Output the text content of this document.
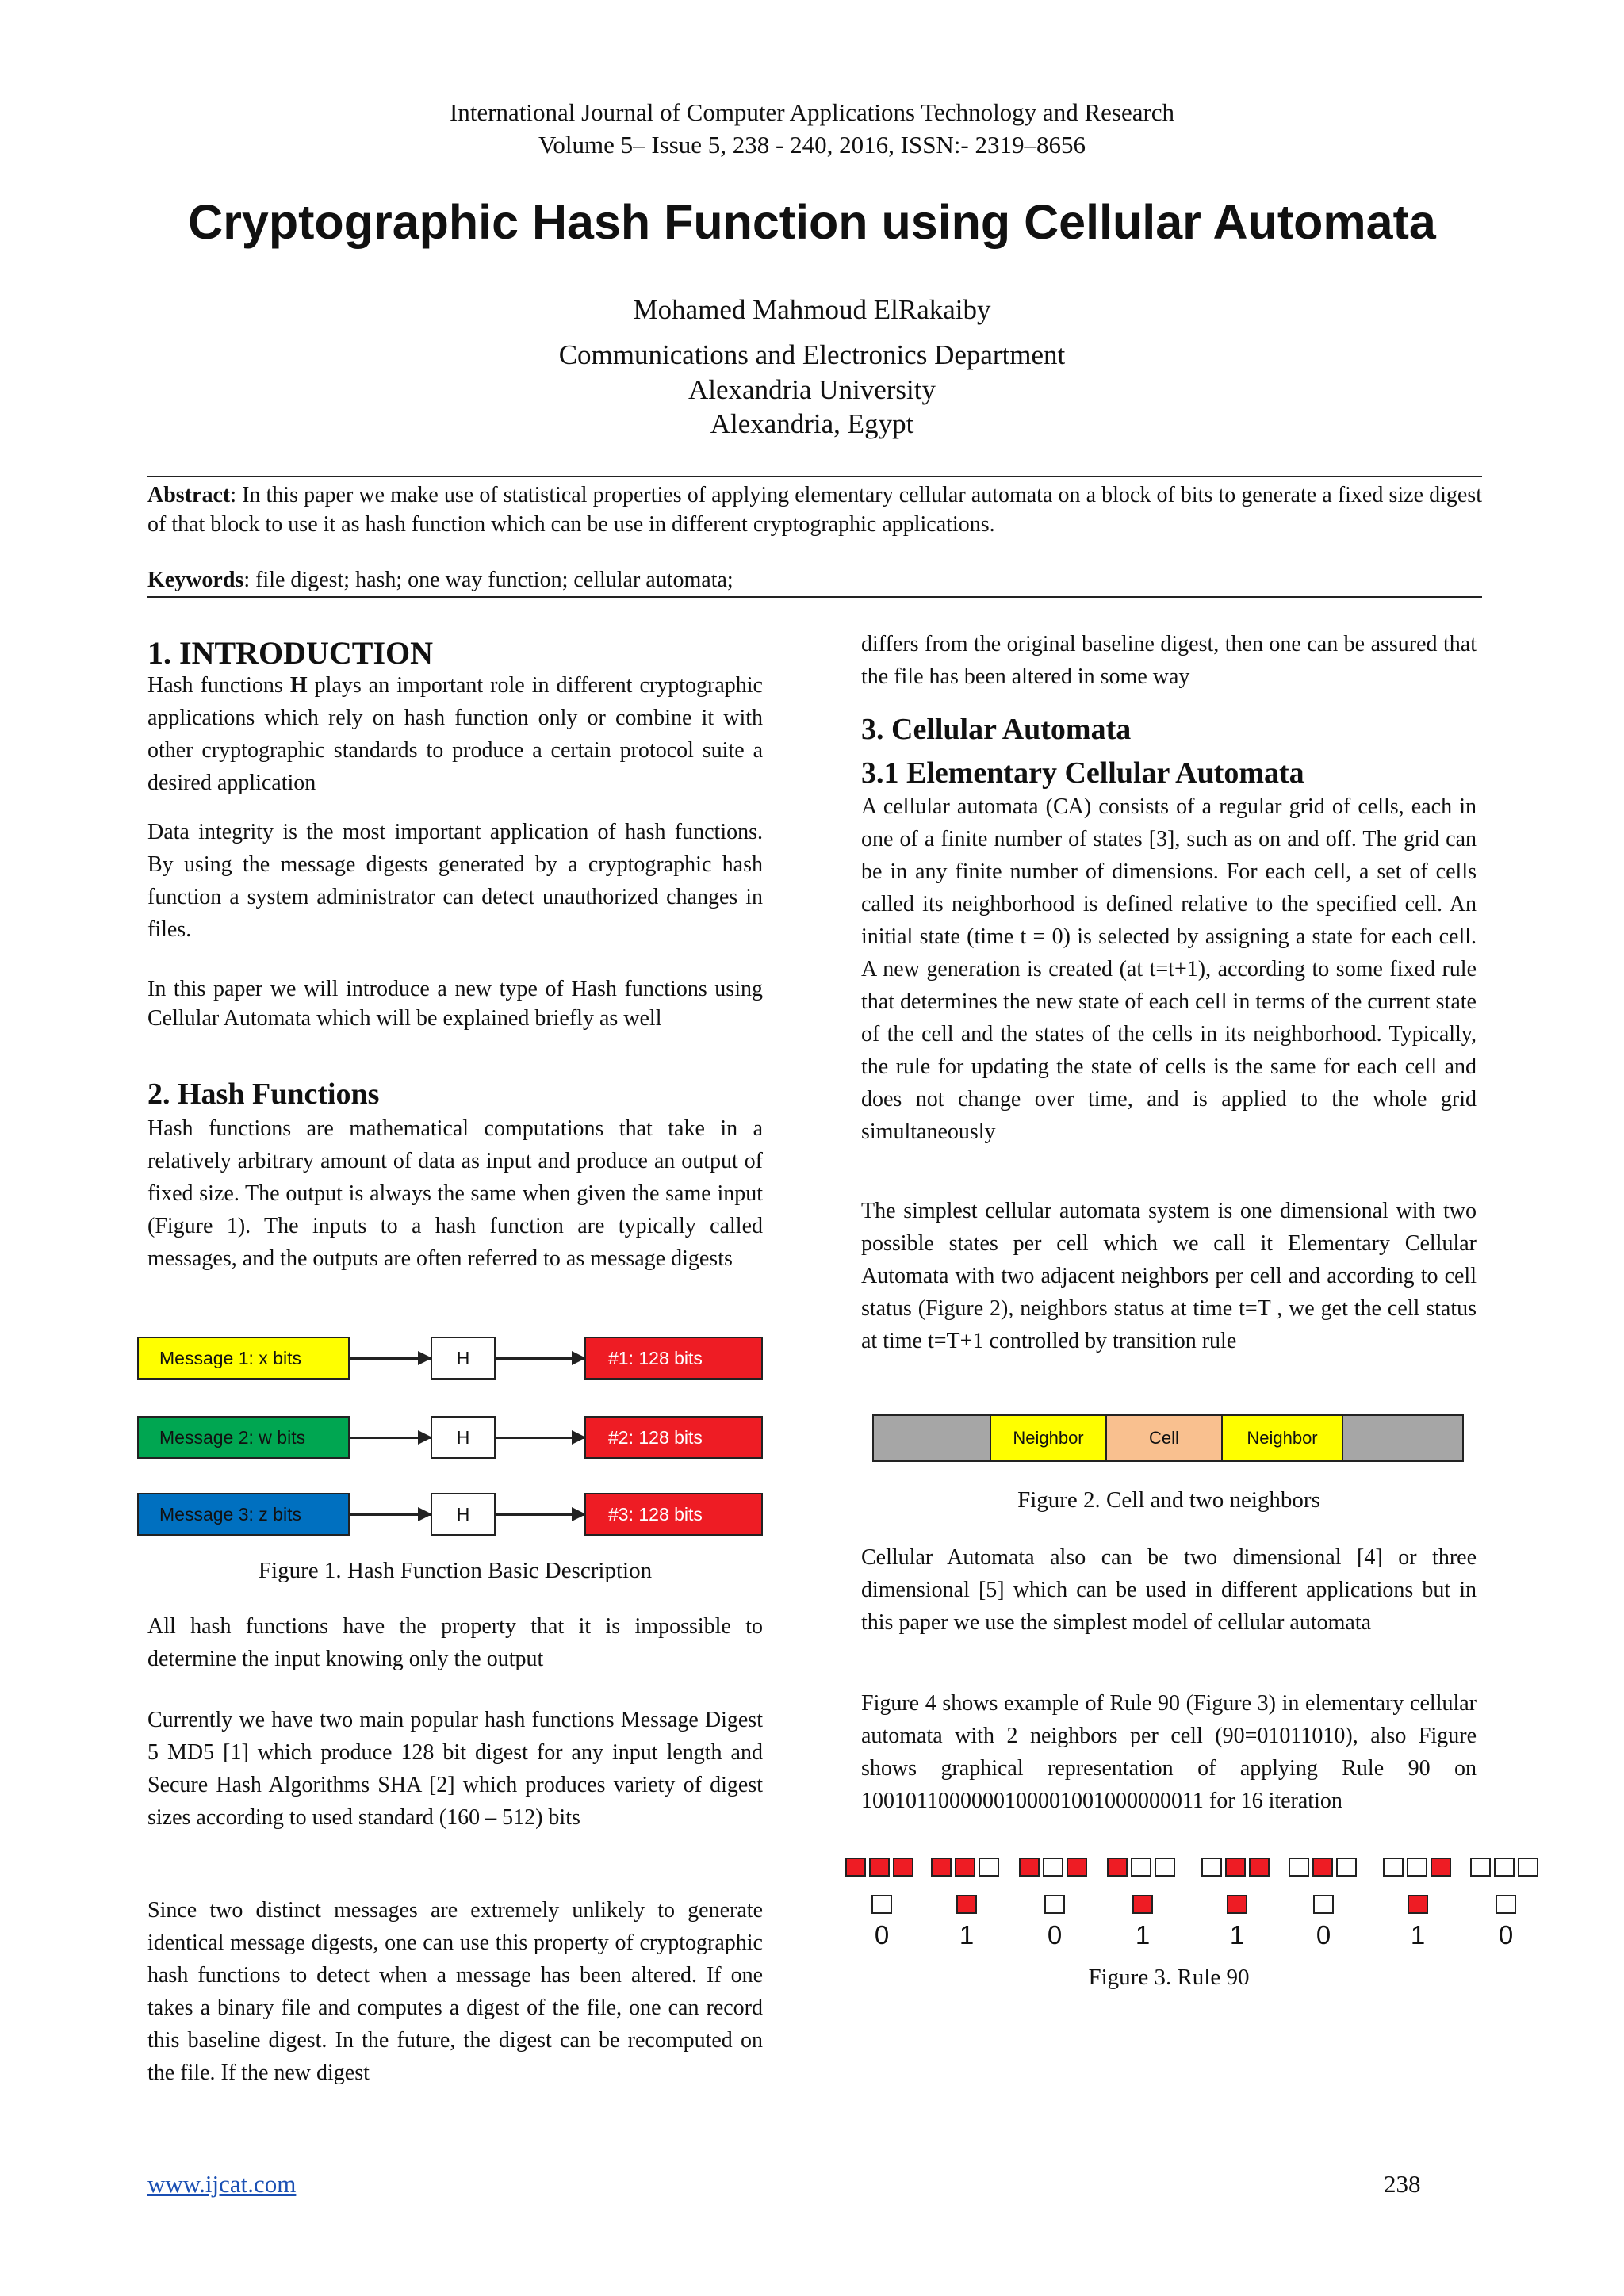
International Journal of Computer Applications Technology and Research
Volume 5– Issue 5, 238 - 240, 2016, ISSN:- 2319–8656
Cryptographic Hash Function using Cellular Automata
Mohamed Mahmoud ElRakaiby
Communications and Electronics Department
Alexandria University
Alexandria, Egypt
Abstract: In this paper we make use of statistical properties of applying elementary cellular automata on a block of bits to generate a fixed size digest of that block to use it as hash function which can be use in different cryptographic applications.
Keywords: file digest; hash; one way function; cellular automata;
1. INTRODUCTION
Hash functions H plays an important role in different cryptographic applications which rely on hash function only or combine it with other cryptographic standards to produce a certain protocol suite a desired application
Data integrity is the most important application of hash functions. By using the message digests generated by a cryptographic hash function a system administrator can detect unauthorized changes in files.
In this paper we will introduce a new type of Hash functions using Cellular Automata which will be explained briefly as well
2. Hash Functions
Hash functions are mathematical computations that take in a relatively arbitrary amount of data as input and produce an output of fixed size. The output is always the same when given the same input (Figure 1). The inputs to a hash function are typically called messages, and the outputs are often referred to as message digests
Message 1: x bits	H	#1: 128 bits
Message 2: w bits	H	#2: 128 bits
Message 3: z bits	H	#3: 128 bits
Figure 1. Hash Function Basic Description
All hash functions have the property that it is impossible to determine the input knowing only the output
Currently we have two main popular hash functions Message Digest 5 MD5 [1] which produce 128 bit digest for any input length and Secure Hash Algorithms SHA [2] which produces variety of digest sizes according to used standard (160 – 512) bits
Since two distinct messages are extremely unlikely to generate identical message digests, one can use this property of cryptographic hash functions to detect when a message has been altered. If one takes a binary file and computes a digest of the file, one can record this baseline digest. In the future, the digest can be recomputed on the file. If the new digest
differs from the original baseline digest, then one can be assured that the file has been altered in some way
3. Cellular Automata
3.1 Elementary Cellular Automata
A cellular automata (CA) consists of a regular grid of cells, each in one of a finite number of states [3], such as on and off. The grid can be in any finite number of dimensions. For each cell, a set of cells called its neighborhood is defined relative to the specified cell. An initial state (time t = 0) is selected by assigning a state for each cell. A new generation is created (at t=t+1), according to some fixed rule that determines the new state of each cell in terms of the current state of the cell and the states of the cells in its neighborhood. Typically, the rule for updating the state of cells is the same for each cell and does not change over time, and is applied to the whole grid simultaneously
The simplest cellular automata system is one dimensional with two possible states per cell which we call it Elementary Cellular Automata with two adjacent neighbors per cell and according to cell status (Figure 2), neighbors status at time t=T , we get the cell status at time t=T+1 controlled by transition rule
Neighbor	Cell	Neighbor
Figure 2. Cell and two neighbors
Cellular Automata also can be two dimensional [4] or three dimensional [5] which can be used in different applications but in this paper we use the simplest model of cellular automata
Figure 4 shows example of Rule 90 (Figure 3) in elementary cellular automata with 2 neighbors per cell (90=01011010), also Figure shows graphical representation of applying Rule 90 on 1001011000000100001001000000011 for 16 iteration
0	1	0	1	1	0	1	0
Figure 3. Rule 90
www.ijcat.com	238
